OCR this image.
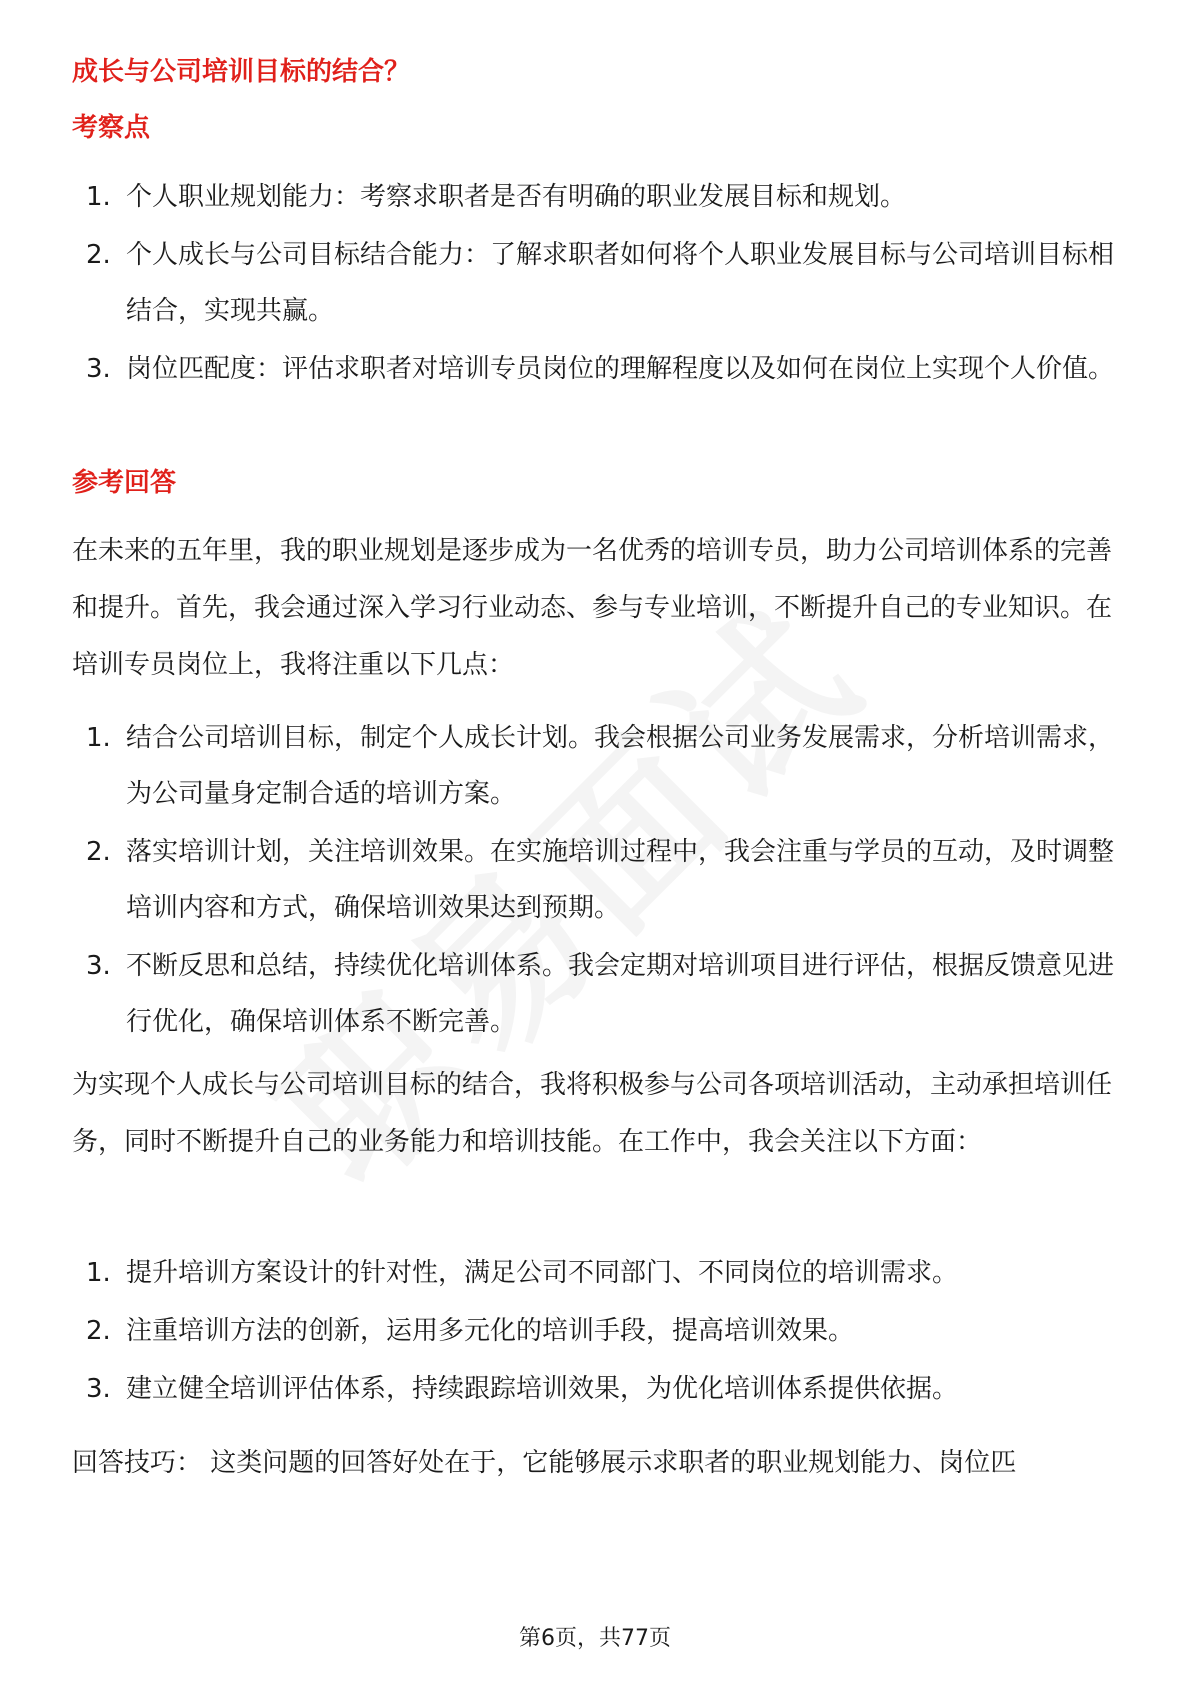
成长与公司培训目标的结合？
考察点
1. 个人职业规划能力：考察求职者是否有明确的职业发展目标和规划。
2. 个人成长与公司目标结合能力：了解求职者如何将个人职业发展目标与公司培训目标相结合，实现共赢。
3. 岗位匹配度：评估求职者对培训专员岗位的理解程度以及如何在岗位上实现个人价值。
参考回答

在未来的五年里，我的职业规划是逐步成为一名优秀的培训专员，助力公司培训体系的完善和提升。首先，我会通过深入学习行业动态、参与专业培训，不断提升自己的专业知识。在培训专员岗位上，我将注重以下几点：

1. 结合公司培训目标，制定个人成长计划。我会根据公司业务发展需求，分析培训需求，为公司量身定制合适的培训方案。
2. 落实培训计划，关注培训效果。在实施培训过程中，我会注重与学员的互动，及时调整培训内容和方式，确保培训效果达到预期。
3. 不断反思和总结，持续优化培训体系。我会定期对培训项目进行评估，根据反馈意见进行优化，确保培训体系不断完善。

为实现个人成长与公司培训目标的结合，我将积极参与公司各项培训活动，主动承担培训任务，同时不断提升自己的业务能力和培训技能。在工作中，我会关注以下方面：

1. 提升培训方案设计的针对性，满足公司不同部门、不同岗位的培训需求。
2. 注重培训方法的创新，运用多元化的培训手段，提高培训效果。
3. 建立健全培训评估体系，持续跟踪培训效果，为优化培训体系提供依据。

回答技巧： 这类问题的回答好处在于，它能够展示求职者的职业规划能力、岗位匹

第6页，共77页
